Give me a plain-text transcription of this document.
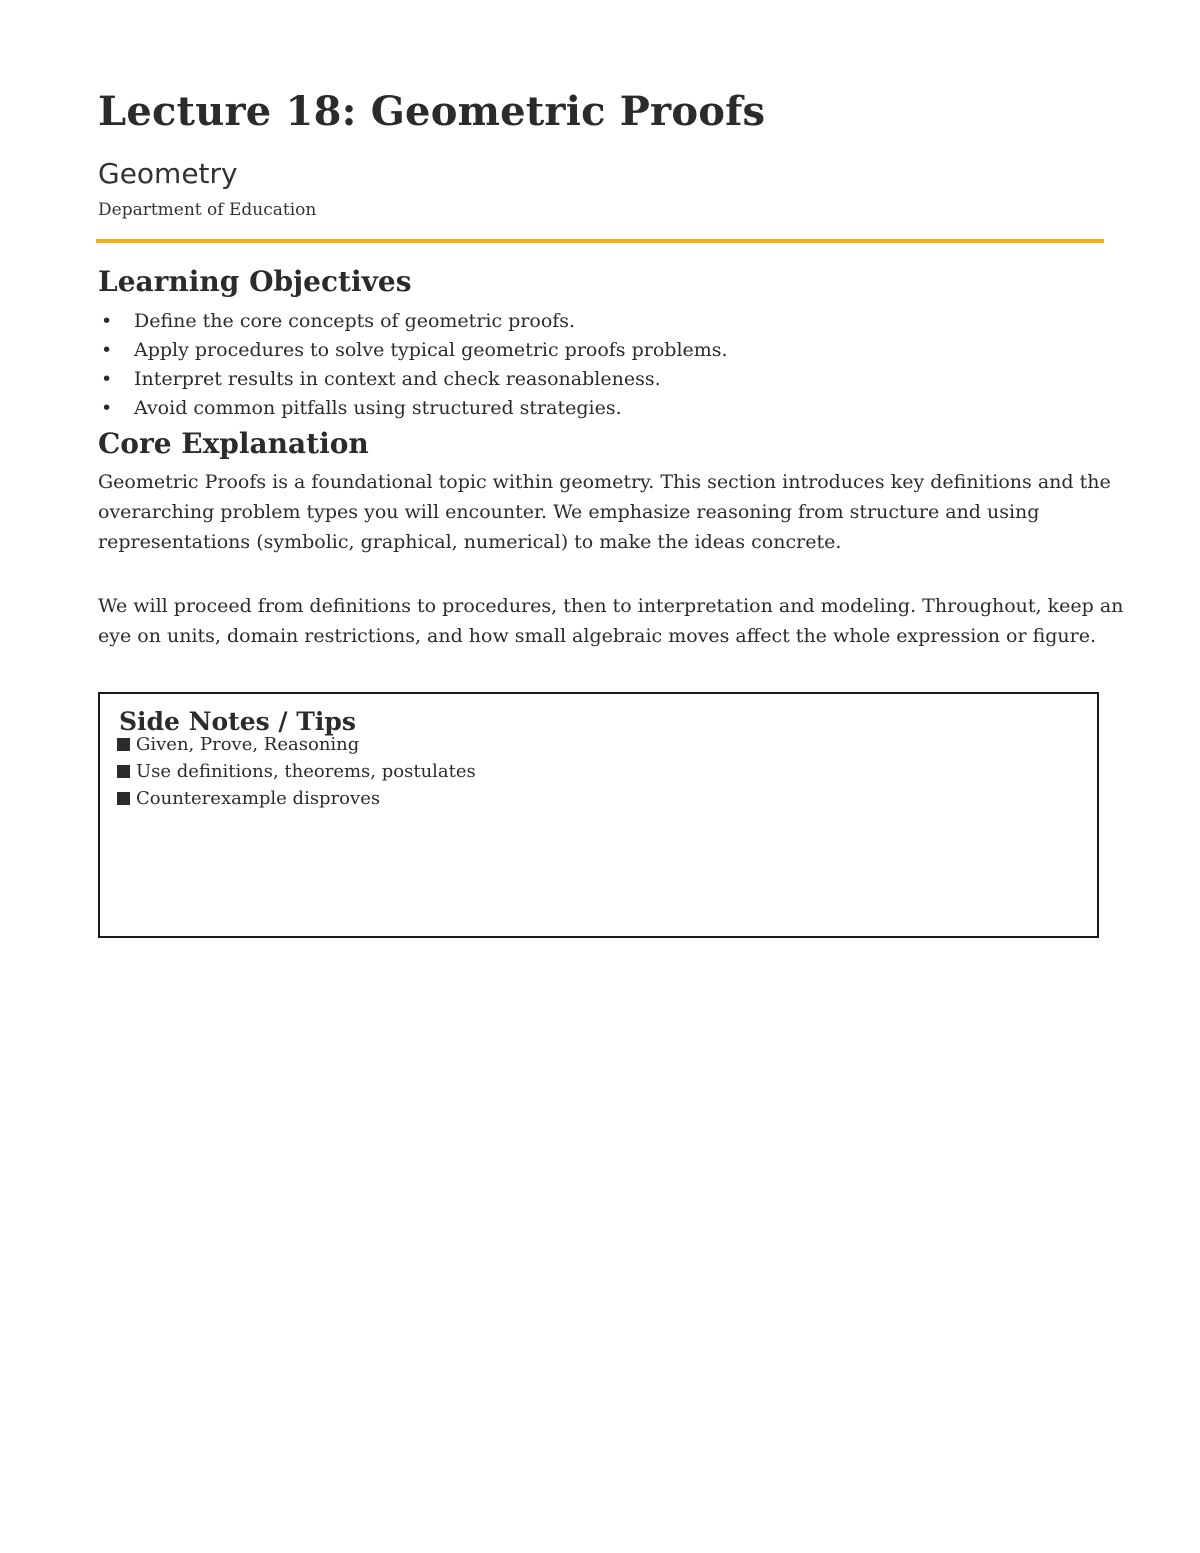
Lecture 18: Geometric Proofs
Geometry
Department of Education
Learning Objectives
• Define the core concepts of geometric proofs.
• Apply procedures to solve typical geometric proofs problems.
• Interpret results in context and check reasonableness.
• Avoid common pitfalls using structured strategies.
Core Explanation

Geometric Proofs is a foundational topic within geometry. This section introduces key definitions and the overarching problem types you will encounter. We emphasize reasoning from structure and using representations (symbolic, graphical, numerical) to make the ideas concrete.

We will proceed from definitions to procedures, then to interpretation and modeling. Throughout, keep an eye on units, domain restrictions, and how small algebraic moves affect the whole expression or figure.

Side Notes / Tips
Given, Prove, Reasoning
Use definitions, theorems, postulates
Counterexample disproves
